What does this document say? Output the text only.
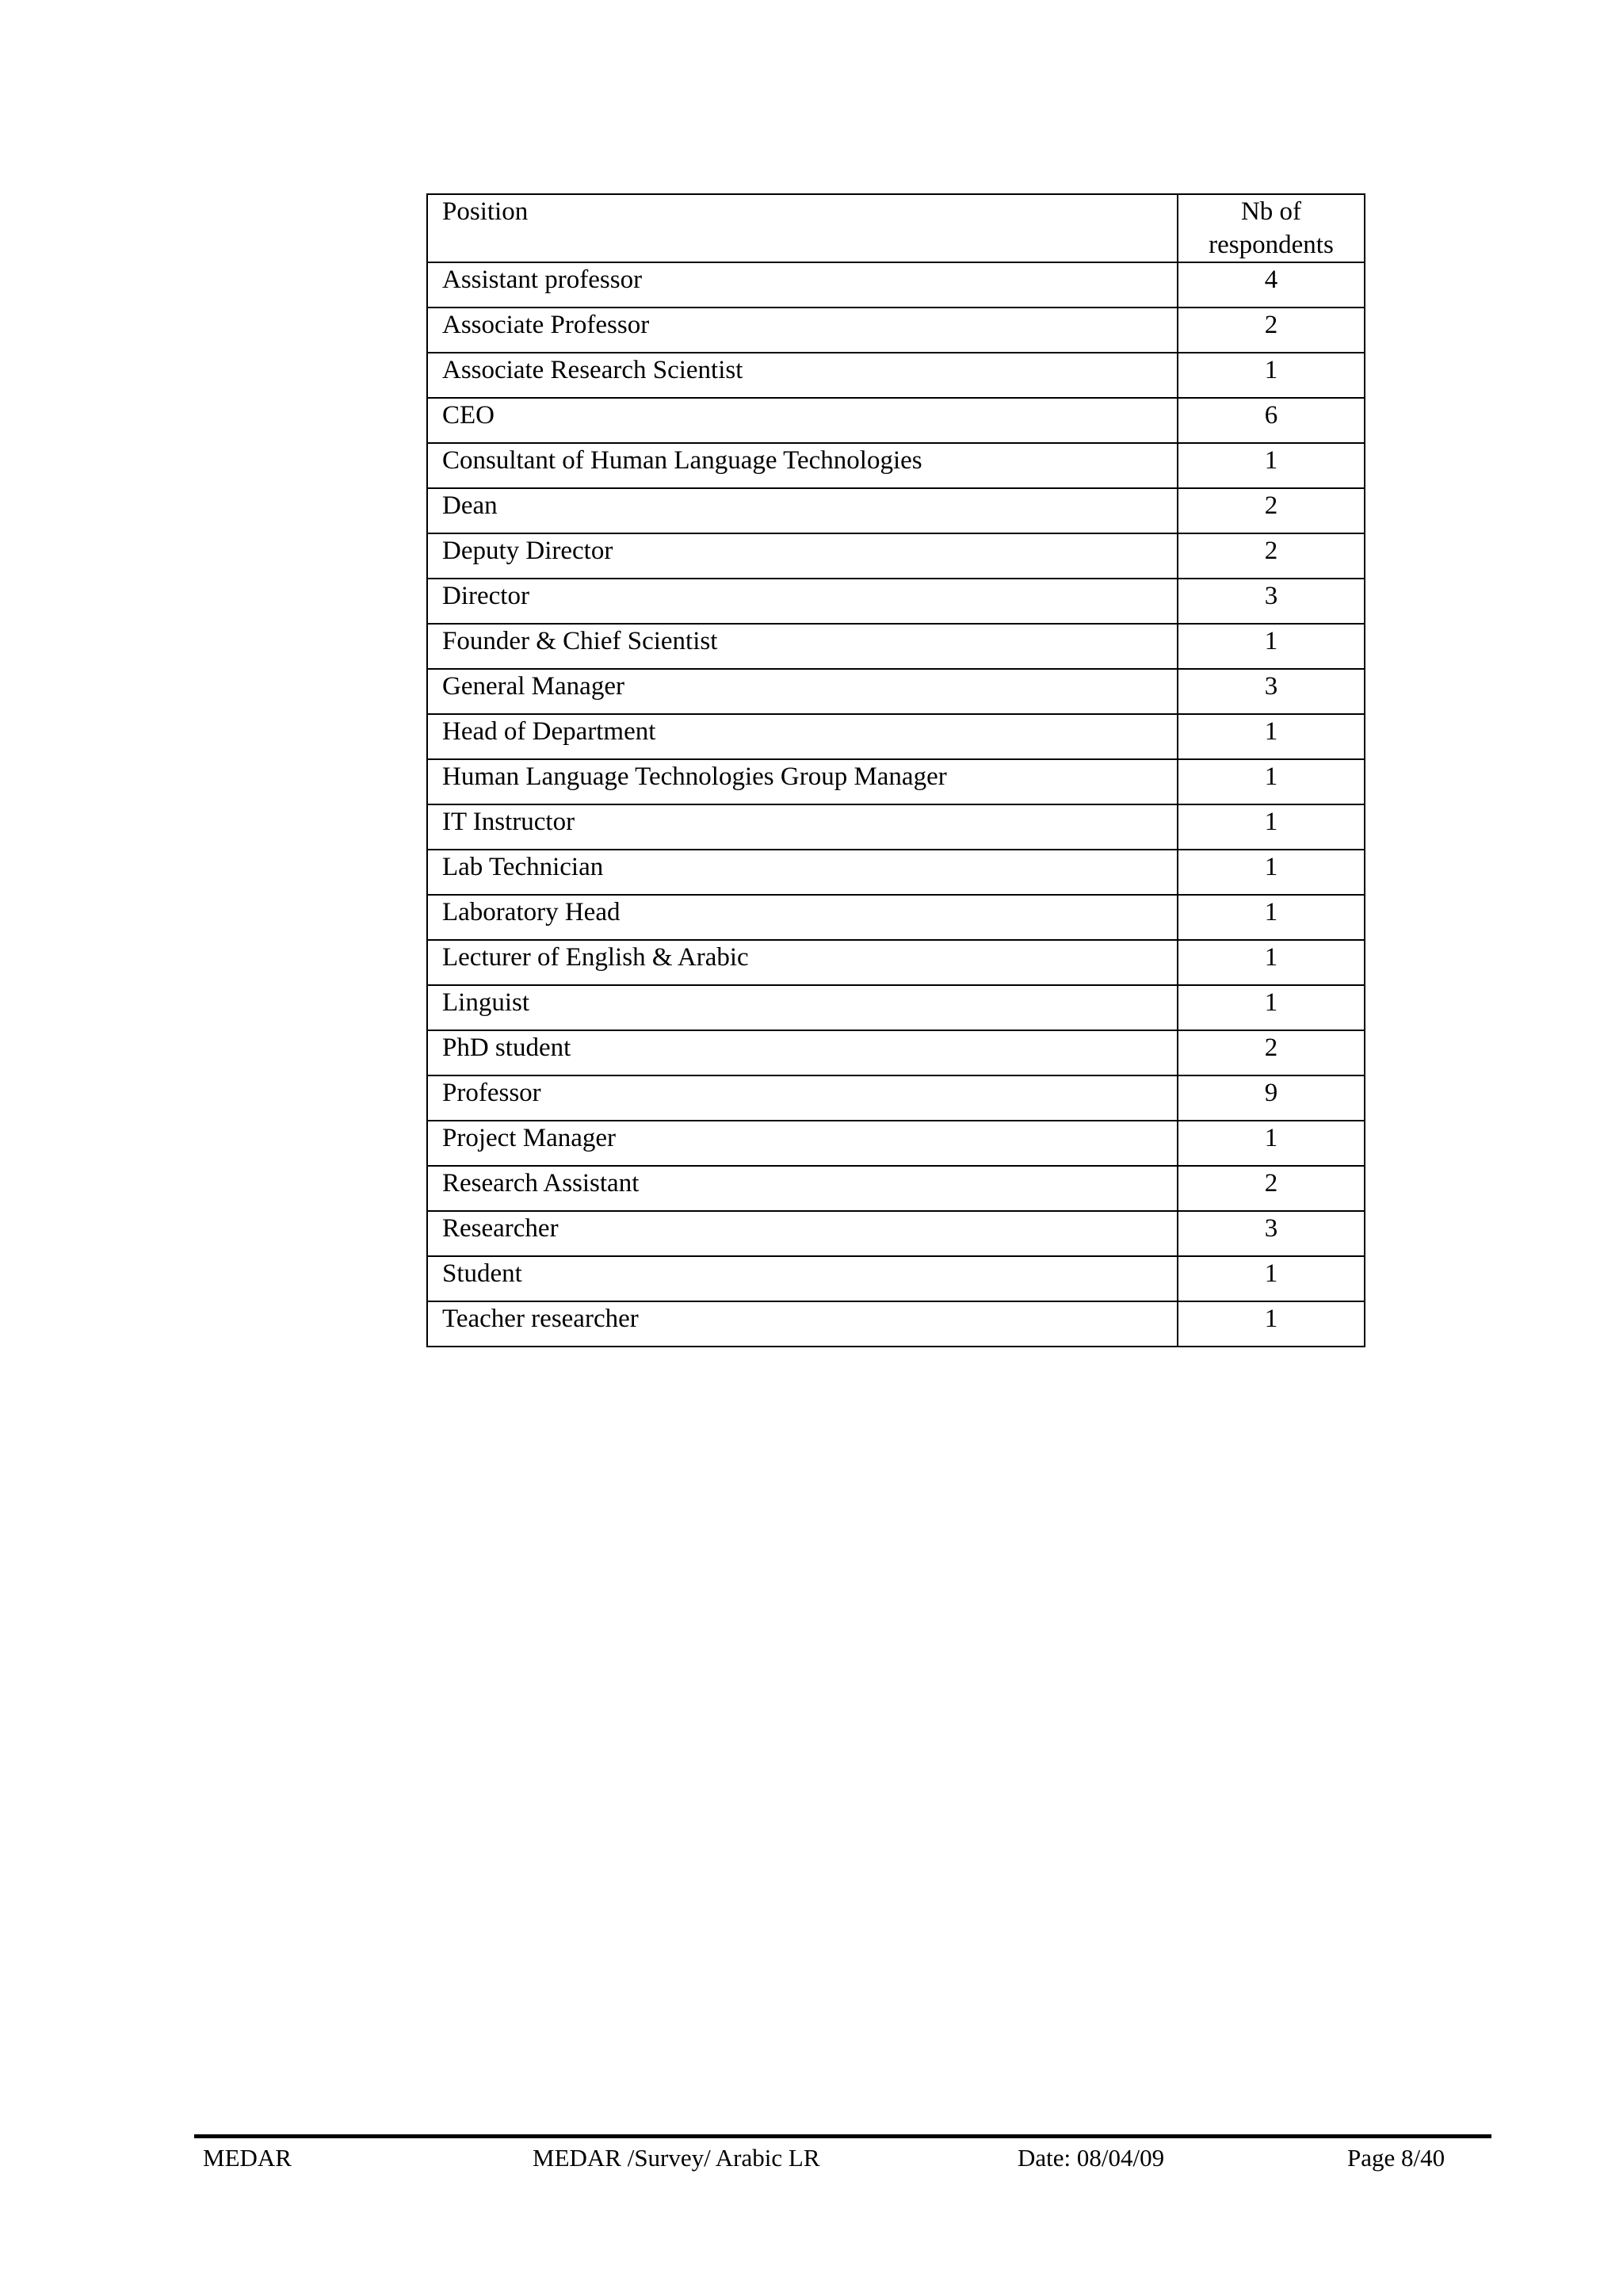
Position	Nb of
respondents
Assistant professor	4
Associate Professor	2
Associate Research Scientist	1
CEO	6
Consultant of Human Language Technologies	1
Dean	2
Deputy Director	2
Director	3
Founder & Chief Scientist	1
General Manager	3
Head of Department	1
Human Language Technologies Group Manager	1
IT Instructor	1
Lab Technician	1
Laboratory Head	1
Lecturer of English & Arabic	1
Linguist	1
PhD student	2
Professor	9
Project Manager	1
Research Assistant	2
Researcher	3
Student	1
Teacher researcher	1
MEDAR	MEDAR /Survey/ Arabic LR	Date: 08/04/09	Page 8/40
